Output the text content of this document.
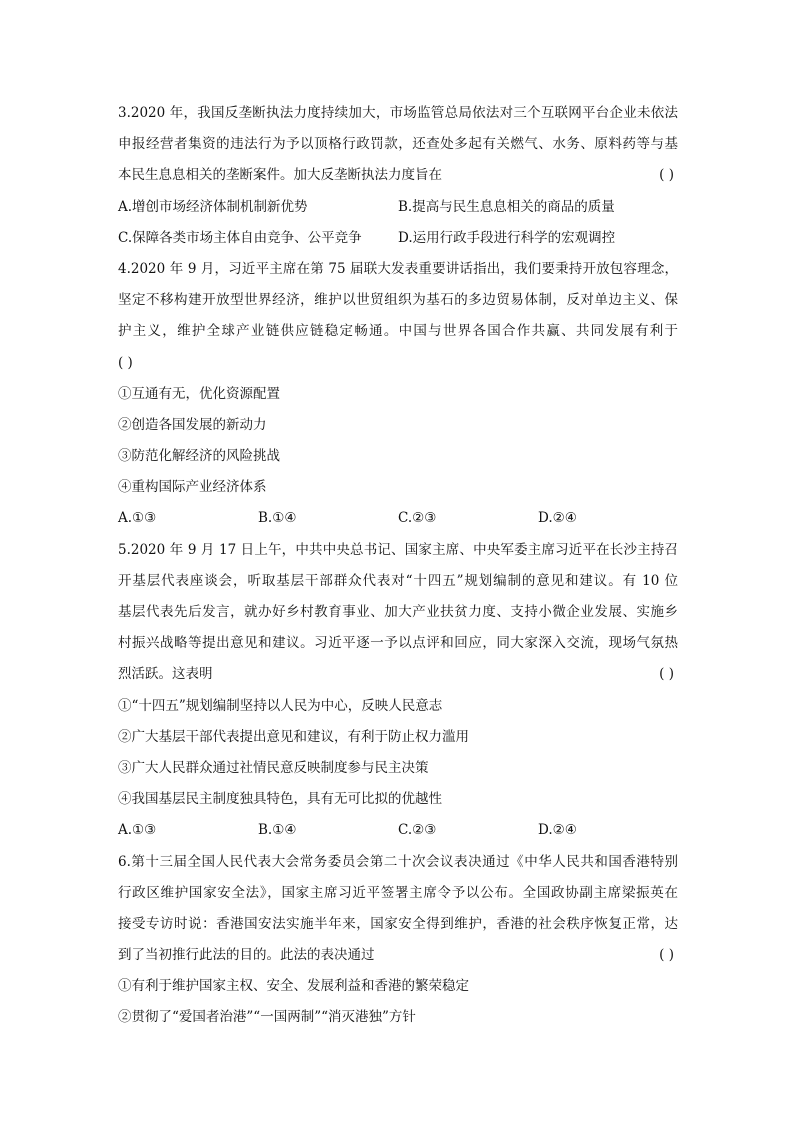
3.2020 年，我国反垄断执法力度持续加大，市场监管总局依法对三个互联网平台企业未依法
申报经营者集资的违法行为予以顶格行政罚款，还查处多起有关燃气、水务、原料药等与基
本民生息息相关的垄断案件。加大反垄断执法力度旨在	( )
A.增创市场经济体制机制新优势	B.提高与民生息息相关的商品的质量
C.保障各类市场主体自由竞争、公平竞争	D.运用行政手段进行科学的宏观调控
4.2020 年 9 月，习近平主席在第 75 届联大发表重要讲话指出，我们要秉持开放包容理念，
坚定不移构建开放型世界经济，维护以世贸组织为基石的多边贸易体制，反对单边主义、保
护主义，维护全球产业链供应链稳定畅通。中国与世界各国合作共赢、共同发展有利于
( )
①互通有无，优化资源配置
②创造各国发展的新动力
③防范化解经济的风险挑战
④重构国际产业经济体系
A.①③	B.①④	C.②③	D.②④
5.2020 年 9 月 17 日上午，中共中央总书记、国家主席、中央军委主席习近平在长沙主持召
开基层代表座谈会，听取基层干部群众代表对“十四五”规划编制的意见和建议。有 10 位
基层代表先后发言，就办好乡村教育事业、加大产业扶贫力度、支持小微企业发展、实施乡
村振兴战略等提出意见和建议。习近平逐一予以点评和回应，同大家深入交流，现场气氛热
烈活跃。这表明	( )
①“十四五”规划编制坚持以人民为中心，反映人民意志
②广大基层干部代表提出意见和建议，有利于防止权力滥用
③广大人民群众通过社情民意反映制度参与民主决策
④我国基层民主制度独具特色，具有无可比拟的优越性
A.①③	B.①④	C.②③	D.②④
6.第十三届全国人民代表大会常务委员会第二十次会议表决通过《中华人民共和国香港特别
行政区维护国家安全法》，国家主席习近平签署主席令予以公布。全国政协副主席梁振英在
接受专访时说：香港国安法实施半年来，国家安全得到维护，香港的社会秩序恢复正常，达
到了当初推行此法的目的。此法的表决通过	( )
①有利于维护国家主权、安全、发展利益和香港的繁荣稳定
②贯彻了“爱国者治港”“一国两制”“消灭港独”方针
